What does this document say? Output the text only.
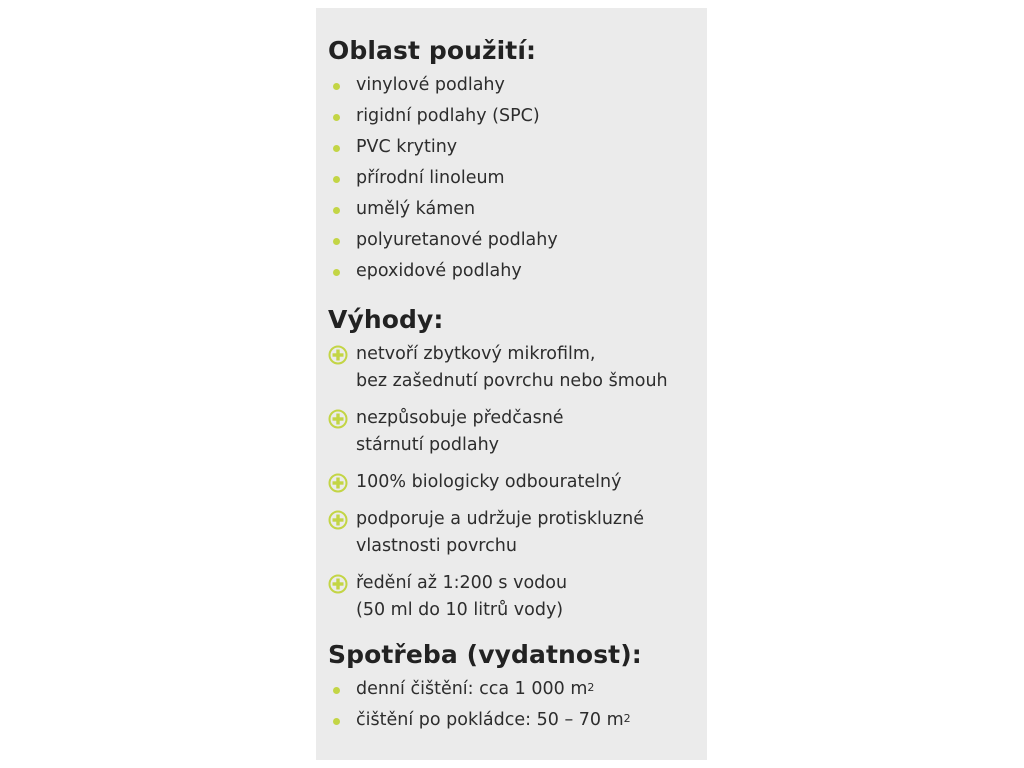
Oblast použití:
vinylové podlahy
rigidní podlahy (SPC)
PVC krytiny
přírodní linoleum
umělý kámen
polyuretanové podlahy
epoxidové podlahy
Výhody:
netvoří zbytkový mikrofilm,
bez zašednutí povrchu nebo šmouh
nezpůsobuje předčasné
stárnutí podlahy
100% biologicky odbouratelný
podporuje a udržuje protiskluzné
vlastnosti povrchu
ředění až 1:200 s vodou
(50 ml do 10 litrů vody)
Spotřeba (vydatnost):
denní čištění: cca 1 000 $m^2$
čištění po pokládce: 50 – 70 $m^2$
